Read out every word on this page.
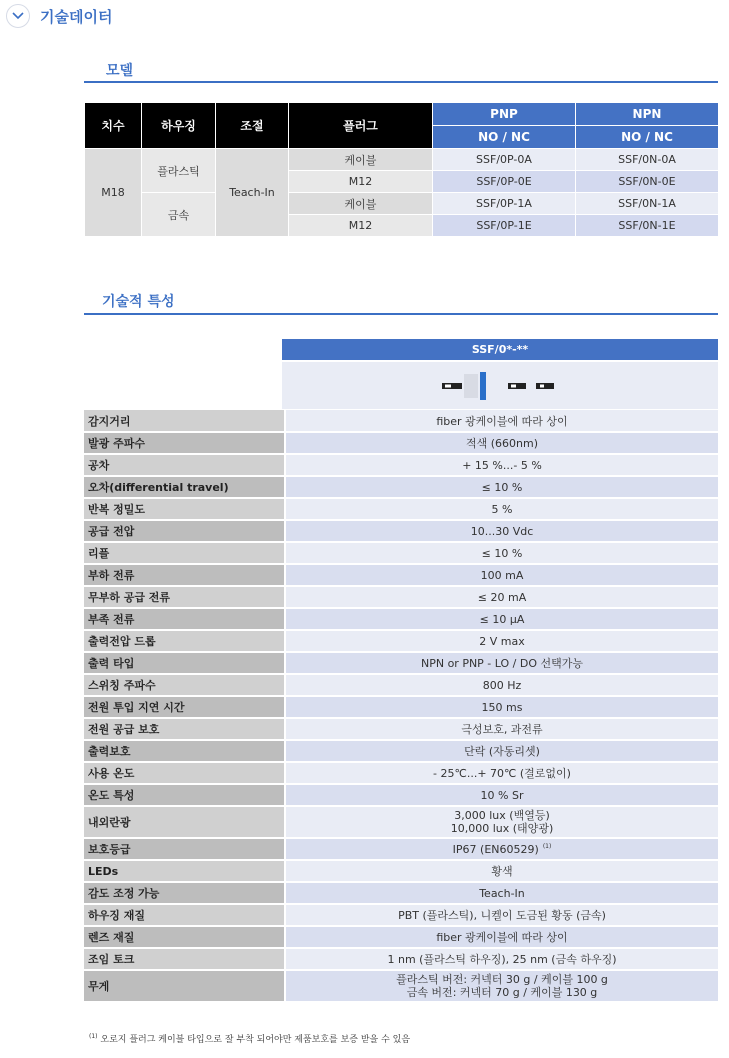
기술데이터
모델
치수	하우징	조절	플러그	PNP	NPN
				NO / NC	NO / NC
M18	플라스틱	Teach-In	케이블	SSF/0P-0A	SSF/0N-0A
			M12	SSF/0P-0E	SSF/0N-0E
	금속		케이블	SSF/0P-1A	SSF/0N-1A
			M12	SSF/0P-1E	SSF/0N-1E
기술적 특성
SSF/0*-**
감지거리	fiber 광케이블에 따라 상이
발광 주파수	적색 (660nm)
공차	+ 15 %...- 5 %
오차(differential travel)	≤ 10 %
반복 정밀도	5 %
공급 전압	10...30 Vdc
리플	≤ 10 %
부하 전류	100 mA
무부하 공급 전류	≤ 20 mA
부족 전류	≤ 10 µA
출력전압 드롭	2 V max
출력 타입	NPN or PNP - LO / DO 선택가능
스위칭 주파수	800 Hz
전원 투입 지연 시간	150 ms
전원 공급 보호	극성보호, 과전류
출력보호	단락 (자동리셋)
사용 온도	- 25℃...+ 70℃ (결로없이)
온도 특성	10 % Sr
내외란광	3,000 lux (백열등)
10,000 lux (태양광)
보호등급	IP67 (EN60529) $^{(1)}$
LEDs	황색
감도 조정 가능	Teach-In
하우징 재질	PBT (플라스틱), 니켈이 도금된 황동 (금속)
렌즈 재질	fiber 광케이블에 따라 상이
조임 토크	1 nm (플라스틱 하우징), 25 nm (금속 하우징)
무게	플라스틱 버전: 커넥터 30 g / 케이블 100 g
금속 버전: 커넥터 70 g / 케이블 130 g
$^{(1)}$ 오로지 플러그 케이블 타입으로 잘 부착 되어야만 제품보호를 보증 받을 수 있음
